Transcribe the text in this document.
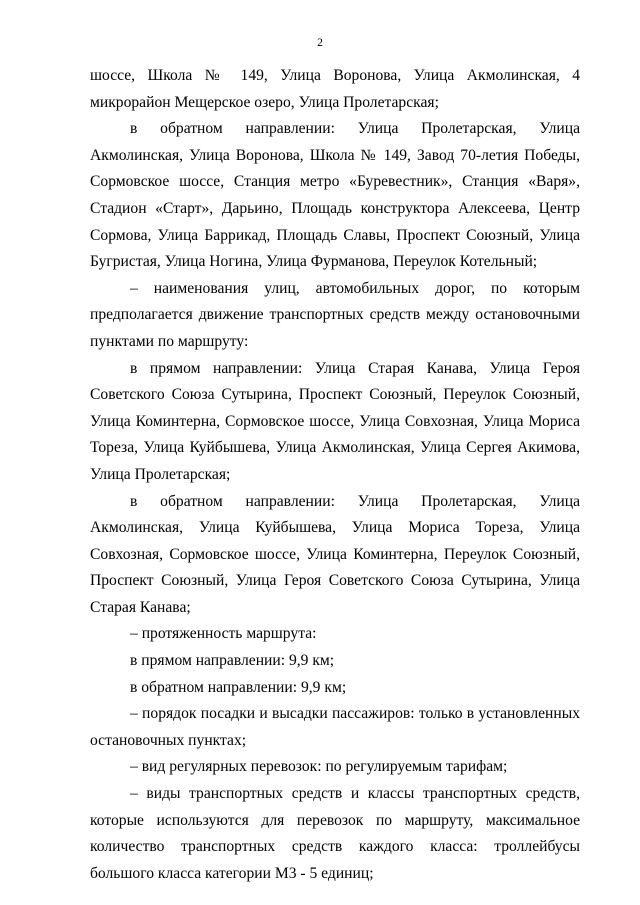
2

шоссе, Школа № 149, Улица Воронова, Улица Акмолинская, 4 микрорайон Мещерское озеро, Улица Пролетарская;

в обратном направлении: Улица Пролетарская, Улица Акмолинская, Улица Воронова, Школа № 149, Завод 70-летия Победы, Сормовское шоссе, Станция метро «Буревестник», Станция «Варя», Стадион «Старт», Дарьино, Площадь конструктора Алексеева, Центр Сормова, Улица Баррикад, Площадь Славы, Проспект Союзный, Улица Бугристая, Улица Ногина, Улица Фурманова, Переулок Котельный;

– наименования улиц, автомобильных дорог, по которым предполагается движение транспортных средств между остановочными пунктами по маршруту:

в прямом направлении: Улица Старая Канава, Улица Героя Советского Союза Сутырина, Проспект Союзный, Переулок Союзный, Улица Коминтерна, Сормовское шоссе, Улица Совхозная, Улица Мориса Тореза, Улица Куйбышева, Улица Акмолинская, Улица Сергея Акимова, Улица Пролетарская;

в обратном направлении: Улица Пролетарская, Улица Акмолинская, Улица Куйбышева, Улица Мориса Тореза, Улица Совхозная, Сормовское шоссе, Улица Коминтерна, Переулок Союзный, Проспект Союзный, Улица Героя Советского Союза Сутырина, Улица Старая Канава;

– протяженность маршрута:

в прямом направлении: 9,9 км;

в обратном направлении: 9,9 км;

– порядок посадки и высадки пассажиров: только в установленных остановочных пунктах;

– вид регулярных перевозок: по регулируемым тарифам;

– виды транспортных средств и классы транспортных средств, которые используются для перевозок по маршруту, максимальное количество транспортных средств каждого класса: троллейбусы большого класса категории М3 - 5 единиц;
